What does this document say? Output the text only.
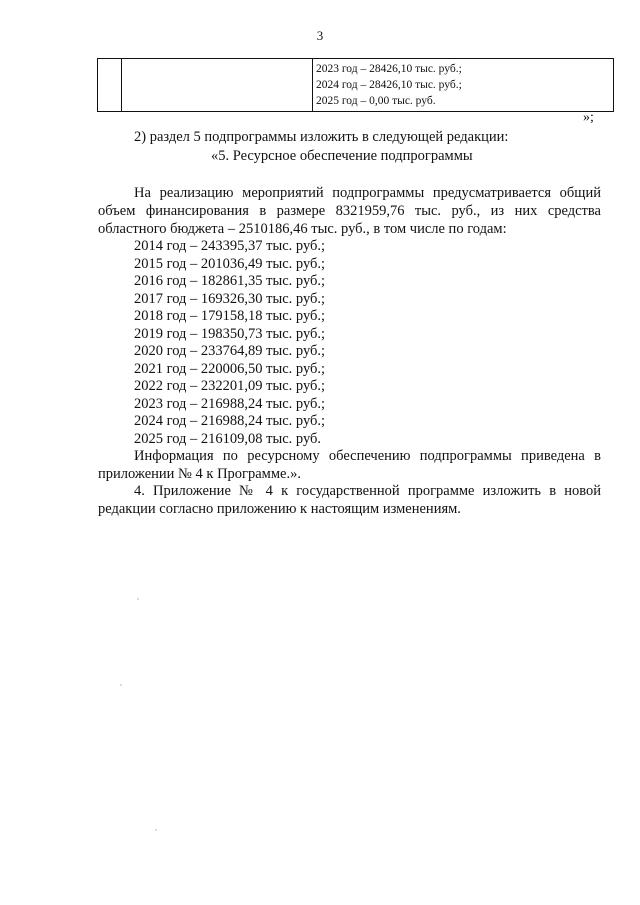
3

2023 год – 28426,10 тыс. руб.;
2024 год – 28426,10 тыс. руб.;
2025 год – 0,00 тыс. руб.
»;
2) раздел 5 подпрограммы изложить в следующей редакции:
«5. Ресурсное обеспечение подпрограммы
На реализацию мероприятий подпрограммы предусматривается общий
объем финансирования в размере 8321959,76 тыс. руб., из них средства
областного бюджета – 2510186,46 тыс. руб., в том числе по годам:
2014 год – 243395,37 тыс. руб.;
2015 год – 201036,49 тыс. руб.;
2016 год – 182861,35 тыс. руб.;
2017 год – 169326,30 тыс. руб.;
2018 год – 179158,18 тыс. руб.;
2019 год – 198350,73 тыс. руб.;
2020 год – 233764,89 тыс. руб.;
2021 год – 220006,50 тыс. руб.;
2022 год – 232201,09 тыс. руб.;
2023 год – 216988,24 тыс. руб.;
2024 год – 216988,24 тыс. руб.;
2025 год – 216109,08 тыс. руб.
Информация по ресурсному обеспечению подпрограммы приведена в
приложении № 4 к Программе.».
4. Приложение № 4 к государственной программе изложить в новой
редакции согласно приложению к настоящим изменениям.
